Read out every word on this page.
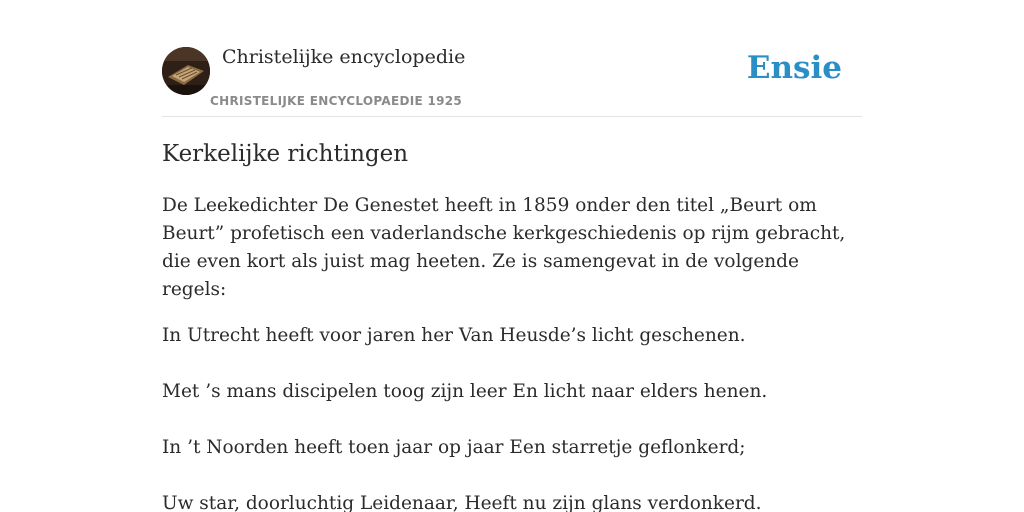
Christelijke encyclopedie
CHRISTELIJKE ENCYCLOPAEDIE 1925
Ensie
Kerkelijke richtingen

De Leekedichter De Genestet heeft in 1859 onder den titel „Beurt om Beurt” profetisch een vaderlandsche kerkgeschiedenis op rijm gebracht, die even kort als juist mag heeten. Ze is samengevat in de volgende regels:

In Utrecht heeft voor jaren her Van Heusde’s licht geschenen.

Met ’s mans discipelen toog zijn leer En licht naar elders henen.

In ’t Noorden heeft toen jaar op jaar Een starretje geflonkerd;

Uw star, doorluchtig Leidenaar, Heeft nu zijn glans verdonkerd.
